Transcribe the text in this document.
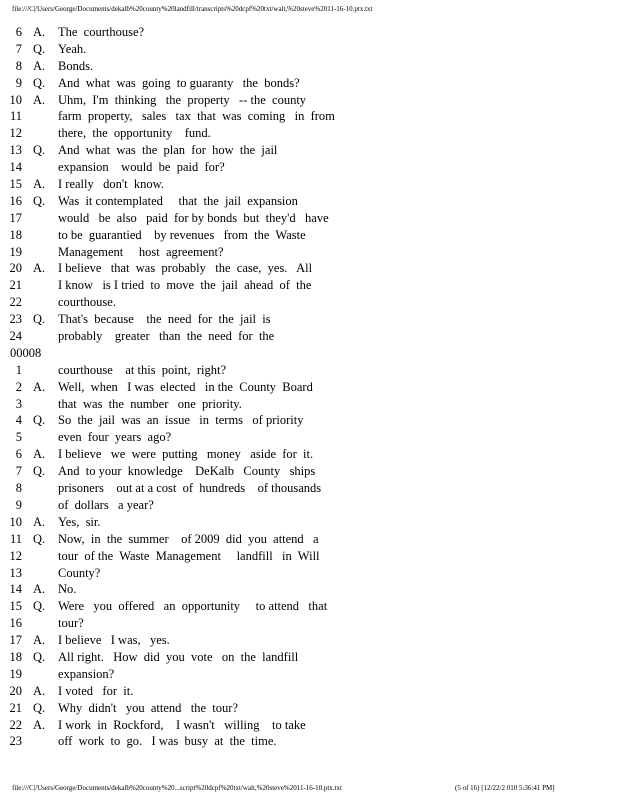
file:///C|/Users/George/Documents/dekalb%20county%20landfill/transcripts%20dcpf%20txt/walt,%20steve%2011-16-10.ptx.txt
6 A. The  courthouse?
7 Q. Yeah.
8 A. Bonds.
9 Q. And  what  was  going  to guaranty   the  bonds?
10 A. Uhm,  I'm  thinking   the  property   -- the  county
11	farm  property,   sales   tax  that  was  coming   in  from
12	there,  the  opportunity    fund.
13 Q. And  what  was  the  plan  for  how  the  jail
14	expansion    would  be  paid  for?
15 A. I really   don't  know.
16 Q. Was  it contemplated     that  the  jail  expansion
17	would   be  also   paid  for by bonds  but  they'd   have
18	to be  guarantied    by revenues   from  the  Waste
19	Management     host  agreement?
20 A. I believe   that  was  probably   the  case,  yes.   All
21	I know   is I tried  to  move  the  jail  ahead  of  the
22	courthouse.
23 Q. That's  because    the  need  for  the  jail  is
24	probably    greater   than  the  need  for  the
00008
1	courthouse    at this  point,  right?
2 A. Well,  when   I was  elected   in the  County  Board
3	that  was  the  number   one  priority.
4 Q. So  the  jail  was  an  issue   in  terms   of priority
5	even  four  years  ago?
6 A. I believe   we  were  putting   money   aside  for  it.
7 Q. And  to your  knowledge    DeKalb   County   ships
8	prisoners    out at a cost  of  hundreds    of thousands
9	of  dollars   a year?
10 A. Yes,  sir.
11 Q. Now,  in  the  summer    of 2009  did  you  attend   a
12	tour  of the  Waste  Management     landfill   in  Will
13	County?
14 A. No.
15 Q. Were   you  offered   an  opportunity     to attend   that
16	tour?
17 A. I believe   I was,   yes.
18 Q. All right.   How  did  you  vote   on  the  landfill
19	expansion?
20 A. I voted   for  it.
21 Q. Why  didn't   you  attend   the  tour?
22 A. I work  in  Rockford,    I wasn't   willing    to take
23	off  work  to  go.   I was  busy  at  the  time.
file:///C|/Users/George/Documents/dekalb%20county%20...script%20dcpf%20txt/walt,%20steve%2011-16-10.ptx.txt	(5 of 16) [12/22/2 010 5:36:41 PM]
